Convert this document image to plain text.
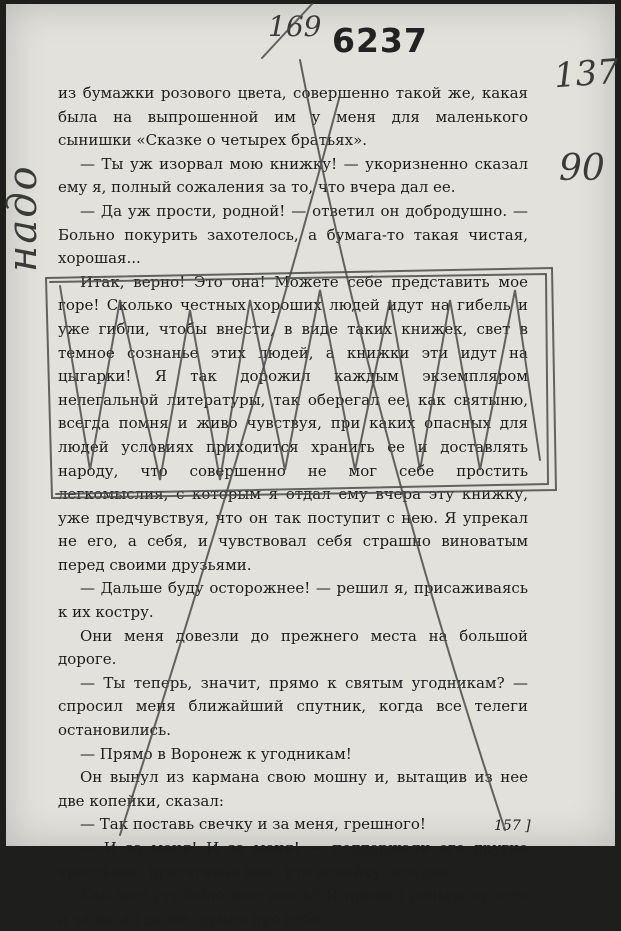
6237
169
137
90
надо

из бумажки розового цвета, совершенно такой же, какая была на выпрошенной им у меня для маленького сынишки «Сказке о четырех братьях».

— Ты уж изорвал мою книжку! — укоризненно сказал ему я, полный сожаления за то, что вчера дал ее.

— Да уж прости, родной! — ответил он добродушно. — Больно покурить захотелось, а бумага-то такая чистая, хорошая...

Итак, верно! Это она! Можете себе представить мое горе! Сколько честных хороших людей идут на гибель и уже гибли, чтобы внести, в виде таких книжек, свет в темное сознанье этих людей, а книжки эти идут на цыгарки! Я так дорожил каждым экземпляром нелегальной литературы, так оберегал ее, как святыню, всегда помня и живо чувствуя, при каких опасных для людей условиях приходится хранить ее и доставлять народу, что совершенно не мог себе простить легкомыслия, с которым я отдал ему вчера эту книжку, уже предчувствуя, что он так поступит с нею. Я упрекал не его, а себя, и чувствовал себя страшно виноватым перед своими друзьями.

— Дальше буду осторожнее! — решил я, присаживаясь к их костру.

Они меня довезли до прежнего места на большой дороге.

— Ты теперь, значит, прямо к святым угодникам? — спросил меня ближайший спутник, когда все телеги остановились.

— Прямо в Воронеж к угодникам!

Он вынул из кармана свою мошну и, вытащив из нее две копейки, сказал:

— Так поставь свечку и за меня, грешного!

— И за меня! И за меня! — поддержали его другие крестьяне, протягивая мне, кто копейку, кто две.

Как мне тут было поступить? Я принял деньги от всех и зашагал далее, думая про себя:

157 ]
